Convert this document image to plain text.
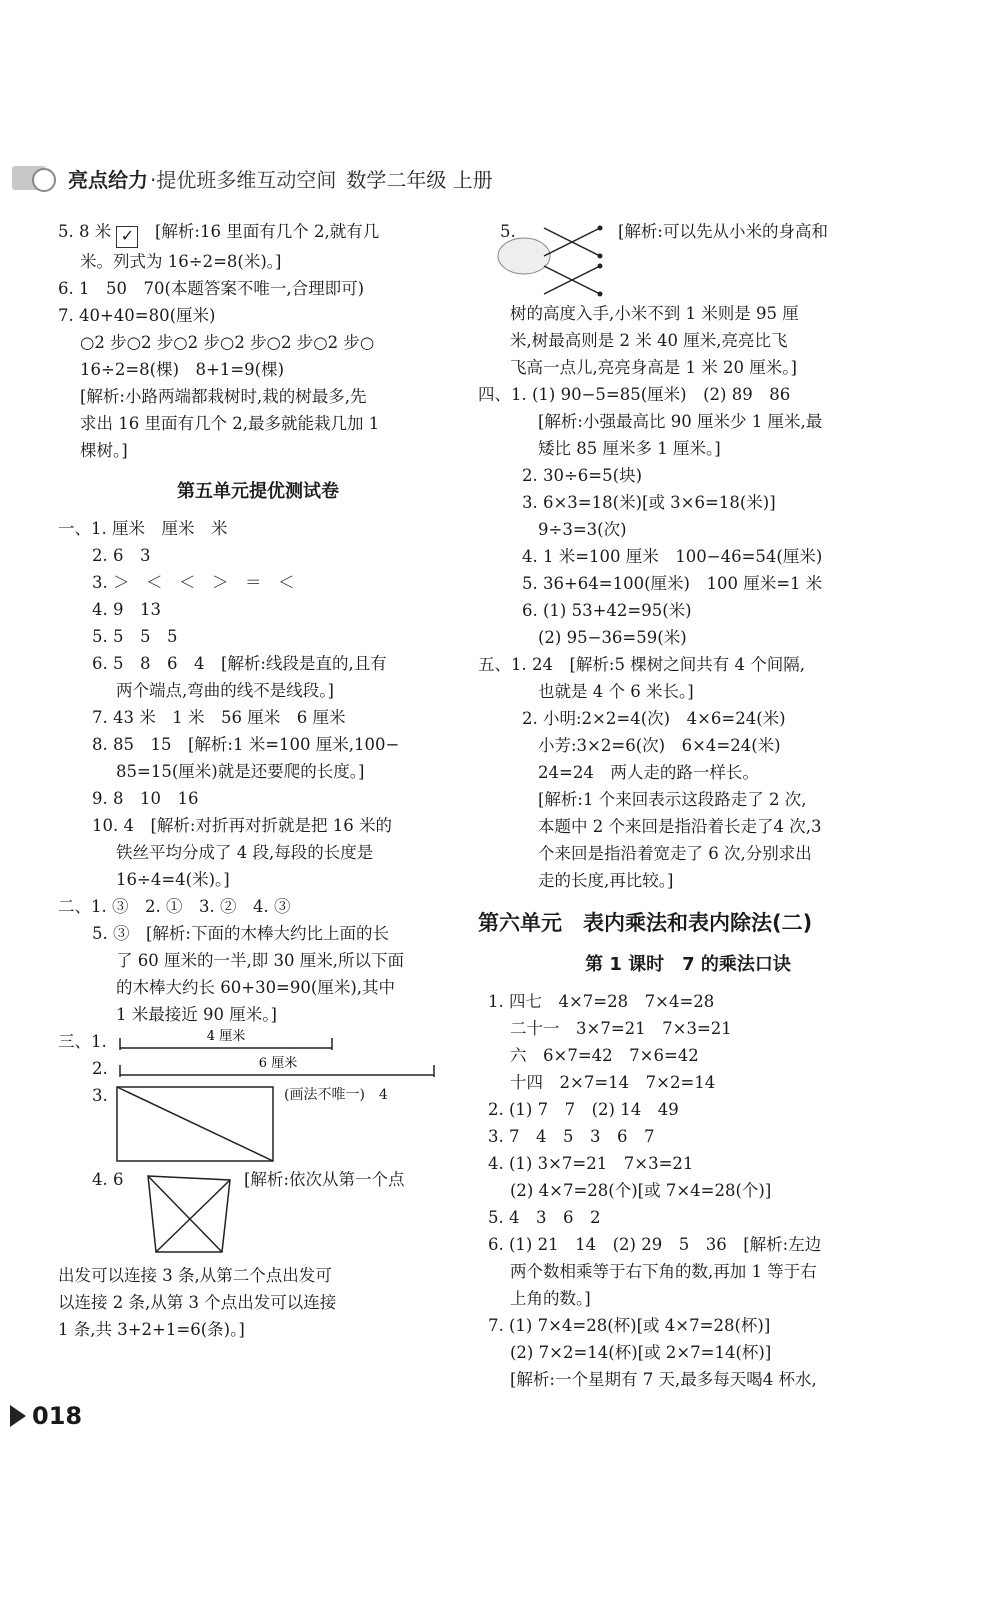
亮点给力 ·提优班多维互动空间 数学二年级 上册
5. 8 米 ✓　 [解析:16 里面有几个 2,就有几
米。列式为 16÷2=8(米)。]
6. 1　50　70(本题答案不唯一,合理即可)
7. 40+40=80(厘米)
○2 步○2 步○2 步○2 步○2 步○2 步○
16÷2=8(棵)　8+1=9(棵)
[解析:小路两端都栽树时,栽的树最多,先
求出 16 里面有几个 2,最多就能栽几加 1
棵树。]
第五单元提优测试卷
一、1. 厘米　厘米　米
2. 6　3
3. ＞　＜　＜　＞　＝　＜
4. 9　13
5. 5　5　5
6. 5　8　6　4　[解析:线段是直的,且有
两个端点,弯曲的线不是线段。]
7. 43 米　1 米　56 厘米　6 厘米
8. 85　15　[解析:1 米=100 厘米,100−
85=15(厘米)就是还要爬的长度。]
9. 8　10　16
10. 4　[解析:对折再对折就是把 16 米的
铁丝平均分成了 4 段,每段的长度是
16÷4=4(米)。]
二、1. ③　2. ①　3. ②　4. ③
5. ③　[解析:下面的木棒大约比上面的长
了 60 厘米的一半,即 30 厘米,所以下面
的木棒大约长 60+30=90(厘米),其中
1 米最接近 90 厘米。]
三、1.	4 厘米
2.	6 厘米
3.	(画法不唯一)　4
4. 6	[解析:依次从第一个点
出发可以连接 3 条,从第二个点出发可
以连接 2 条,从第 3 个点出发可以连接
1 条,共 3+2+1=6(条)。]
5.	[解析:可以先从小米的身高和
树的高度入手,小米不到 1 米则是 95 厘
米,树最高则是 2 米 40 厘米,亮亮比飞
飞高一点儿,亮亮身高是 1 米 20 厘米。]
四、1. (1) 90−5=85(厘米)　(2) 89　86
[解析:小强最高比 90 厘米少 1 厘米,最
矮比 85 厘米多 1 厘米。]
2. 30÷6=5(块)
3. 6×3=18(米)[或 3×6=18(米)]
9÷3=3(次)
4. 1 米=100 厘米　100−46=54(厘米)
5. 36+64=100(厘米)　100 厘米=1 米
6. (1) 53+42=95(米)
(2) 95−36=59(米)
五、1. 24　[解析:5 棵树之间共有 4 个间隔,
也就是 4 个 6 米长。]
2. 小明:2×2=4(次)　4×6=24(米)
小芳:3×2=6(次)　6×4=24(米)
24=24　两人走的路一样长。
[解析:1 个来回表示这段路走了 2 次,
本题中 2 个来回是指沿着长走了4 次,3
个来回是指沿着宽走了 6 次,分别求出
走的长度,再比较。]
第六单元　表内乘法和表内除法(二)
第 1 课时　7 的乘法口诀
1. 四七　4×7=28　7×4=28
二十一　3×7=21　7×3=21
六　6×7=42　7×6=42
十四　2×7=14　7×2=14
2. (1) 7　7　(2) 14　49
3. 7　4　5　3　6　7
4. (1) 3×7=21　7×3=21
(2) 4×7=28(个)[或 7×4=28(个)]
5. 4　3　6　2
6. (1) 21　14　(2) 29　5　36　[解析:左边
两个数相乘等于右下角的数,再加 1 等于右
上角的数。]
7. (1) 7×4=28(杯)[或 4×7=28(杯)]
(2) 7×2=14(杯)[或 2×7=14(杯)]
[解析:一个星期有 7 天,最多每天喝4 杯水,
018
